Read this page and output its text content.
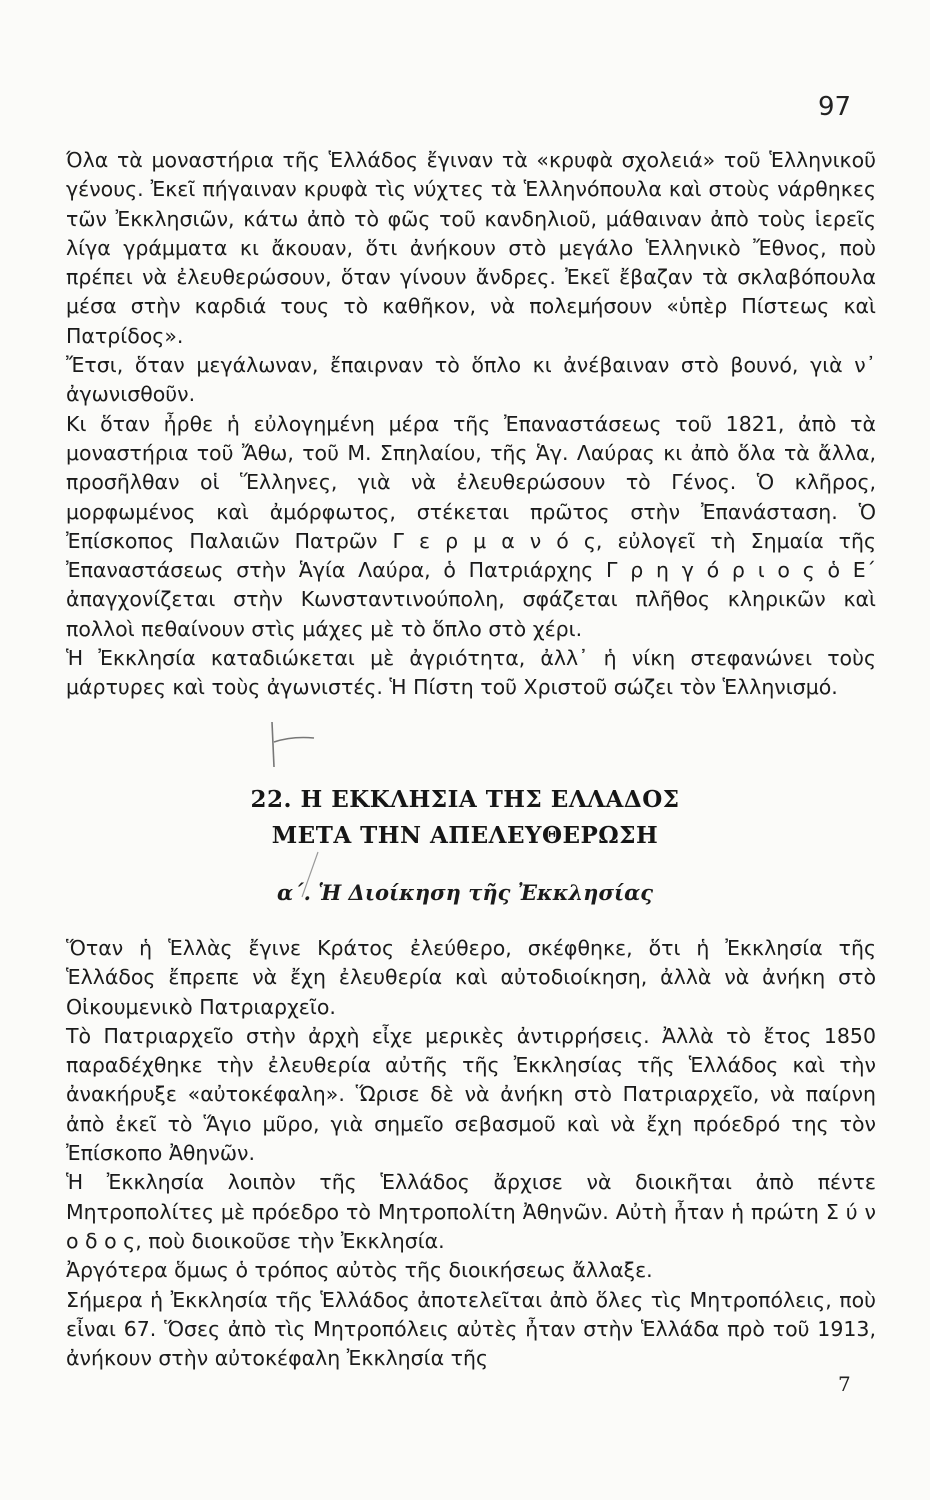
97

Όλα τὰ μοναστήρια τῆς Ἑλλάδος ἔγιναν τὰ «κρυφὰ σχολειά» τοῦ Ἑλληνικοῦ γένους. Ἐκεῖ πήγαιναν κρυφὰ τὶς νύχτες τὰ Ἑλληνόπουλα καὶ στοὺς νάρθηκες τῶν Ἐκκλησιῶν, κάτω ἀπὸ τὸ φῶς τοῦ κανδηλιοῦ, μάθαιναν ἀπὸ τοὺς ἱερεῖς λίγα γράμματα κι ἄκουαν, ὅτι ἀνήκουν στὸ μεγάλο Ἑλληνικὸ Ἔθνος, ποὺ πρέπει νὰ ἐλευθερώσουν, ὅταν γίνουν ἄνδρες. Ἐκεῖ ἔβαζαν τὰ σκλαβόπουλα μέσα στὴν καρδιά τους τὸ καθῆκον, νὰ πολεμήσουν «ὑπὲρ Πίστεως καὶ Πατρίδος».

Ἔτσι, ὅταν μεγάλωναν, ἔπαιρναν τὸ ὅπλο κι ἀνέβαιναν στὸ βουνό, γιὰ ν᾽ ἀγωνισθοῦν.

Κι ὅταν ἦρθε ἡ εὐλογημένη μέρα τῆς Ἐπαναστάσεως τοῦ 1821, ἀπὸ τὰ μοναστήρια τοῦ Ἄθω, τοῦ Μ. Σπηλαίου, τῆς Ἁγ. Λαύρας κι ἀπὸ ὅλα τὰ ἄλλα, προσῆλθαν οἱ Ἕλληνες, γιὰ νὰ ἐλευθερώσουν τὸ Γένος. Ὁ κλῆρος, μορφωμένος καὶ ἀμόρφωτος, στέκεται πρῶτος στὴν Ἐπανάσταση. Ὁ Ἐπίσκοπος Παλαιῶν Πατρῶν Γ ε ρ μ α ν ό ς, εὐλογεῖ τὴ Σημαία τῆς Ἐπαναστάσεως στὴν Ἁγία Λαύρα, ὁ Πατριάρχης Γ ρ η γ ό ρ ι ο ς ὁ Ε΄ ἀπαγχονίζεται στὴν Κωνσταντινούπολη, σφάζεται πλῆθος κληρικῶν καὶ πολλοὶ πεθαίνουν στὶς μάχες μὲ τὸ ὅπλο στὸ χέρι.

Ἡ Ἐκκλησία καταδιώκεται μὲ ἀγριότητα, ἀλλ᾽ ἡ νίκη στεφανώνει τοὺς μάρτυρες καὶ τοὺς ἀγωνιστές. Ἡ Πίστη τοῦ Χριστοῦ σώζει τὸν Ἑλληνισμό.

22. Η ΕΚΚΛΗΣΙΑ ΤΗΣ ΕΛΛΑΔΟΣ
ΜΕΤΑ ΤΗΝ ΑΠΕΛΕΥΘΕΡΩΣΗ
α΄. Ἡ Διοίκηση τῆς Ἐκκλησίας

Ὅταν ἡ Ἑλλὰς ἔγινε Κράτος ἐλεύθερο, σκέφθηκε, ὅτι ἡ Ἐκκλησία τῆς Ἑλλάδος ἔπρεπε νὰ ἔχη ἐλευθερία καὶ αὐτοδιοίκηση, ἀλλὰ νὰ ἀνήκη στὸ Οἰκουμενικὸ Πατριαρχεῖο.

Τὸ Πατριαρχεῖο στὴν ἀρχὴ εἶχε μερικὲς ἀντιρρήσεις. Ἀλλὰ τὸ ἔτος 1850 παραδέχθηκε τὴν ἐλευθερία αὐτῆς τῆς Ἐκκλησίας τῆς Ἑλλάδος καὶ τὴν ἀνακήρυξε «αὐτοκέφαλη». Ὥρισε δὲ νὰ ἀνήκη στὸ Πατριαρχεῖο, νὰ παίρνη ἀπὸ ἐκεῖ τὸ Ἅγιο μῦρο, γιὰ σημεῖο σεβασμοῦ καὶ νὰ ἔχη πρόεδρό της τὸν Ἐπίσκοπο Ἀθηνῶν.

Ἡ Ἐκκλησία λοιπὸν τῆς Ἑλλάδος ἄρχισε νὰ διοικῆται ἀπὸ πέντε Μητροπολίτες μὲ πρόεδρο τὸ Μητροπολίτη Ἀθηνῶν. Αὐτὴ ἦταν ἡ πρώτη Σ ύ ν ο δ ο ς, ποὺ διοικοῦσε τὴν Ἐκκλησία.

Ἀργότερα ὅμως ὁ τρόπος αὐτὸς τῆς διοικήσεως ἄλλαξε.

Σήμερα ἡ Ἐκκλησία τῆς Ἑλλάδος ἀποτελεῖται ἀπὸ ὅλες τὶς Μητροπόλεις, ποὺ εἶναι 67. Ὅσες ἀπὸ τὶς Μητροπόλεις αὐτὲς ἦταν στὴν Ἑλλάδα πρὸ τοῦ 1913, ἀνήκουν στὴν αὐτοκέφαλη Ἐκκλησία τῆς

7
